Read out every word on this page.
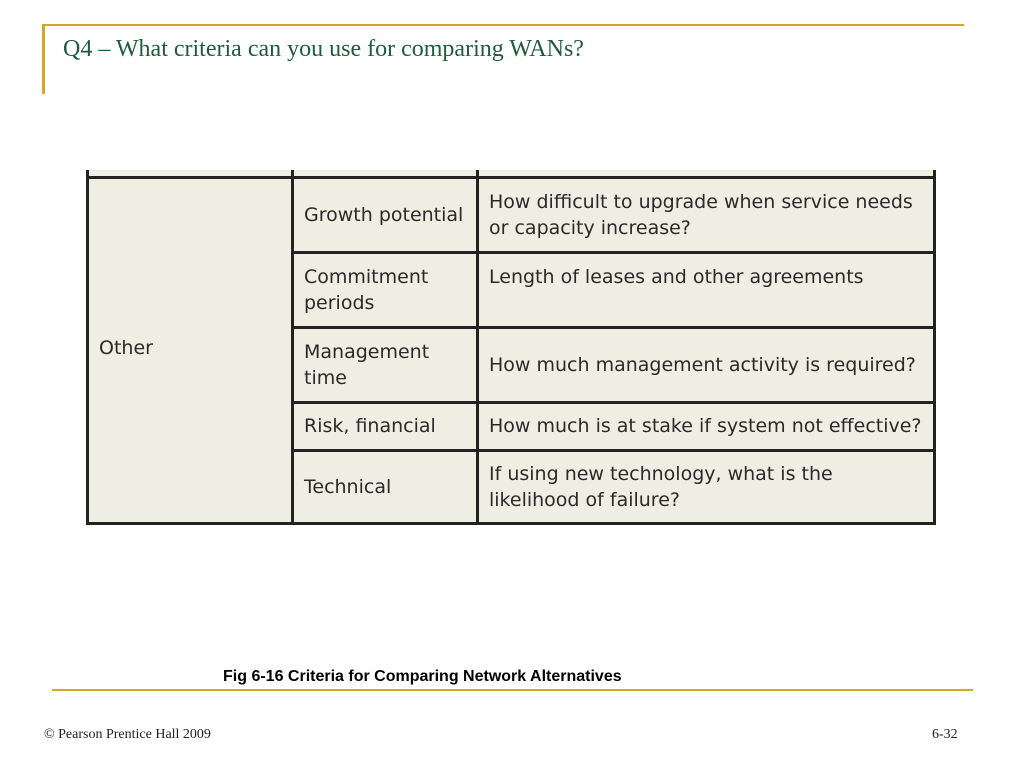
Q4 – What criteria can you use for comparing WANs?

Other	Growth potential	How difficult to upgrade when service needs or capacity increase?
	Commitment periods	Length of leases and other agreements
	Management time	How much management activity is required?
	Risk, financial	How much is at stake if system not effective?
	Technical	If using new technology, what is the likelihood of failure?
Fig 6-16 Criteria for Comparing Network Alternatives
© Pearson Prentice Hall 2009	6-32
